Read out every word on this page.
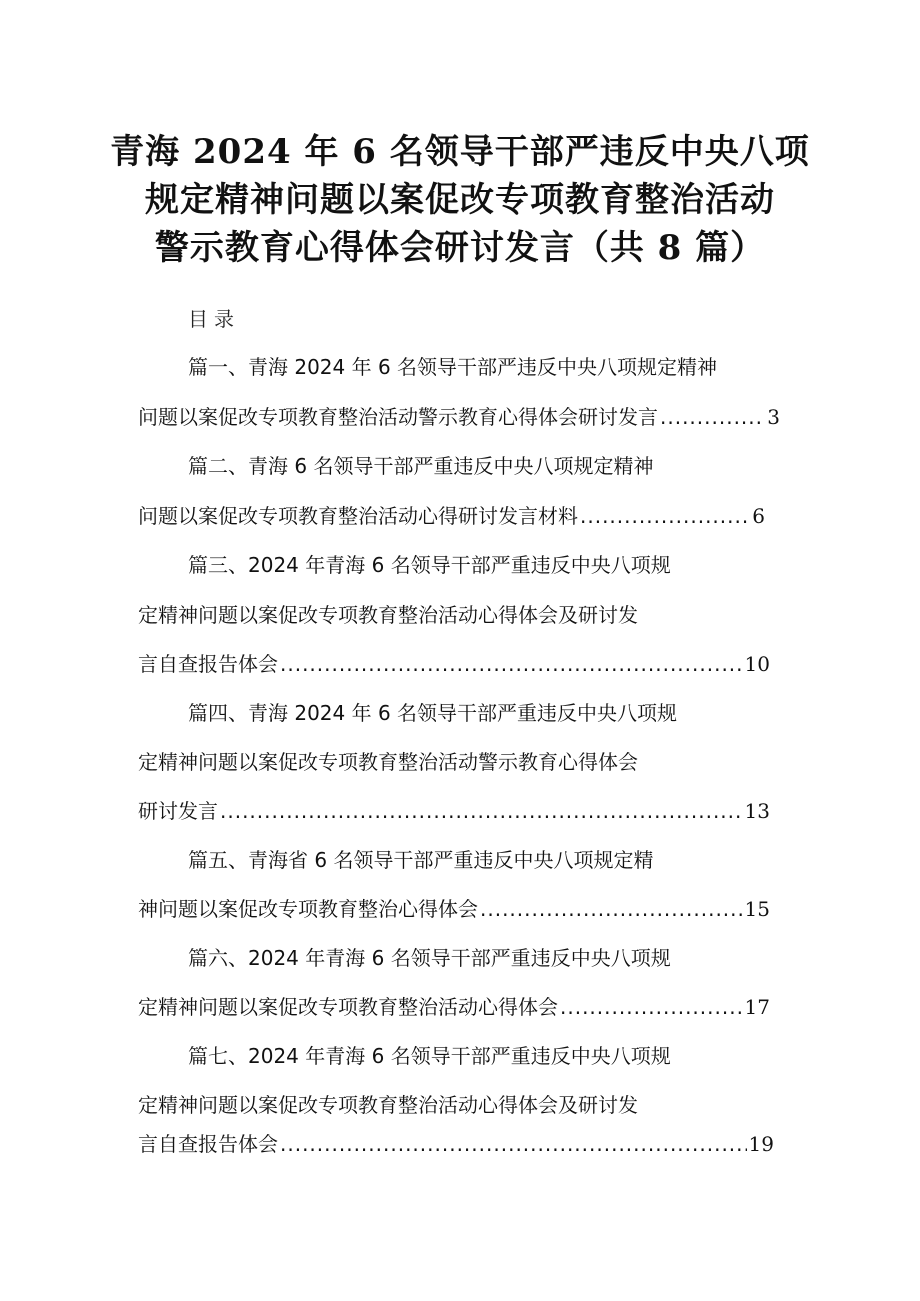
青海 2024 年 6 名领导干部严违反中央八项
规定精神问题以案促改专项教育整治活动
警示教育心得体会研讨发言（共 8 篇）
目录
篇一、青海 2024 年 6 名领导干部严违反中央八项规定精神
问题以案促改专项教育整治活动警示教育心得体会研讨发言 .....	3
篇二、青海 6 名领导干部严重违反中央八项规定精神
问题以案促改专项教育整治活动心得研讨发言材料 .....	6
篇三、2024 年青海 6 名领导干部严重违反中央八项规
定精神问题以案促改专项教育整治活动心得体会及研讨发
言自查报告体会 .....	10
篇四、青海 2024 年 6 名领导干部严重违反中央八项规
定精神问题以案促改专项教育整治活动警示教育心得体会
研讨发言 .....	13
篇五、青海省 6 名领导干部严重违反中央八项规定精
神问题以案促改专项教育整治心得体会 .....	15
篇六、2024 年青海 6 名领导干部严重违反中央八项规
定精神问题以案促改专项教育整治活动心得体会 .....	17
篇七、2024 年青海 6 名领导干部严重违反中央八项规
定精神问题以案促改专项教育整治活动心得体会及研讨发
言自查报告体会 .....	19
